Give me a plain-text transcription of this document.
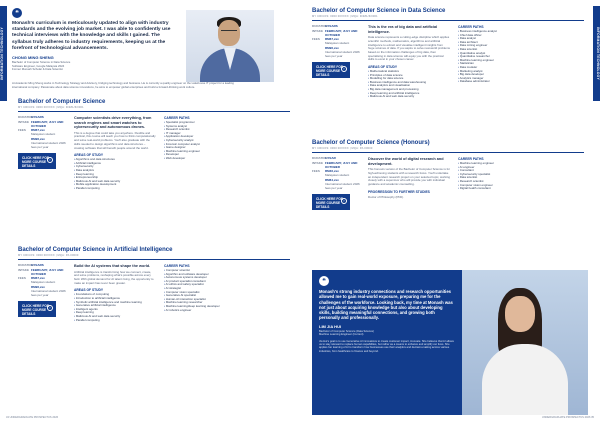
INFORMATION TECHNOLOGY
❝
Monash's curriculum is meticulously updated to align with industry standards and the evolving job market. I was able to confidently use technical interviews with the knowledge and skills I gained. The syllabus truly adheres to industry requirements, keeping us at the forefront of technological advancements.
CHONG MING SHENG
Bachelor of Computer Science in Data Science
Software Engineer, Google Malaysia 2024
Former Monash Scholar & Data Scientist
At Academic Ming Sheng works in Technology Strategy and Advisory, bridging technology and business. He is currently a quality engineer on the Lakehouse IT project for a leading international company. Passionate about data science innovations, he aims to empower global enterprises and build a forward-thinking work culture.
Bachelor of Computer Science
MY CRICOS: 0000 00XXXX | MQA: R/481/6/0001
DURATION
3 YEARS
INTAKE FEBRUARY, JULY AND OCTOBER
FEES	RM67,xxx
Malaysian student
RM96,xxx
International student 2026 fees per year
CLICK HERE FOR MORE COURSE DETAILS
›
Computer scientists drive everything, from search engines and smart watches to cybersecurity and autonomous drones.
This is a degree that could take you anywhere. Flexible and practical, this course will teach you how to think computationally and solve real-world problems. You'll also graduate with the skills needed to design algorithms and data structures – creating software that will benefit people around the world.
AREAS OF STUDY
• Algorithms and data structures
• Artificial intelligence
• Cybersecurity
• Data analytics
• Deep learning
• Entrepreneurship
• Malicious AI and web data security
• Mobile application development
• Parallel computing
CAREER PATHS
• Specialist programmer
• Systems analyst
• Research scientist
• IT manager
• Application developer
• Cybersecurity analyst
• Forensic computer analyst
• Game designer
• Machine learning engineer
• Developer
• Web developer
Bachelor of Computer Science in Artificial Intelligence
MY CRICOS: 0000 00XXXX | MQA: PA 00000
DURATION
3 YEARS
INTAKE FEBRUARY, JULY AND OCTOBER
FEES	RM67,xxx
Malaysian student
RM96,xxx
International student 2026 fees per year
CLICK HERE FOR MORE COURSE DETAILS
›
Build the AI systems that shape the world.
Artificial intelligence is transforming how we connect, create, and solve problems, reshaping what's possible across every field. With global demand for AI talent rising, the opportunity to make an impact has never been greater.
AREAS OF STUDY
• Foundations of computing
• Introduction to artificial intelligence
• Symbolic artificial intelligence and machine learning
• Generative artificial intelligence
• Intelligent agents
• Deep learning
• Malicious AI and web data security
• Parallel computing
CAREER PATHS
• Computer scientist
• Algorithm and software developer
• Autonomous systems developer
• AI product specialist consultant
• AI ethics and safety specialist
• AI strategist
• Computer vision specialist
• Generative AI specialist
• Human-AI interaction specialist
• Machine learning researcher
• Machine learning/deep learning developer
• AI robotics engineer
34 UNDERGRADUATE PROSPECTUS 2026
INFORMATION TECHNOLOGY
Bachelor of Computer Science in Data Science
MY CRICOS: 0000 00XXXX | MQA: R/481/6/0001
DURATION
3 YEARS
INTAKE FEBRUARY, JULY AND OCTOBER
FEES	RM67,xxx
Malaysian student
RM96,xxx
International student 2026 fees per year
CLICK HERE FOR MORE COURSE DETAILS
›
This is the era of big data and artificial intelligence.
Data science represents a cutting-edge discipline which applies scientific methods, mathematics, algorithms and artificial intelligence to extract and visualise intelligent insights from huge volumes of data. If you aspire to solve real-world problems based on the information challenges of big data, then specialising in data science will equip you with the practical skills to excel in your chosen career.
AREAS OF STUDY
• Mathematical statistics
• Principles of data science
• Modelling for data science
• Business intelligence and data warehousing
• Data analytics and visualisation
• Big data management and processing
• Deep learning and artificial intelligence
• Malicious AI and web data security
CAREER PATHS
• Business intelligence analyst
• Chief data officer
• Data analyst
• Data architect
• Data mining engineer
• Data scientist
• Quantitative analyst
• Quantitative researcher
• Machine learning engineer
• Statistician
• Data modeler
• Marketing analyst
• Big data developer
• Analytics manager
• Database administrator
Bachelor of Computer Science (Honours)
MY CRICOS: 0000 00XXXX | MQA: PA 00000
DURATION
1 YEAR
INTAKE FEBRUARY, JULY AND OCTOBER
FEES	RM46,xxx
Malaysian student
RM64,xxx
International student 2026 fees per year
CLICK HERE FOR MORE COURSE DETAILS
›
Discover the world of digital research and development.
This honours version of the Bachelor of Computer Science is for high-achieving students with a research focus. You'll undertake an independent research project on your selected topic, working closely with a supervisor who will provide you with individual guidance and academic counselling.
PROGRESSION TO FURTHER STUDIES
Doctor of Philosophy (PhD).
CAREER PATHS
• Machine learning engineer
• AI engineer
• Consultant
• Cybersecurity specialist
• Data scientist
• Research scientist
• Computer vision engineer
• Digital health consultant
UNDERGRADUATE PROSPECTUS 2026 35
❝
Monash's strong industry connections and research opportunities allowed me to gain real-world exposure, preparing me for the challenges of the workforce. Looking back, my time at Monash was not just about acquiring knowledge but also about developing skills, building meaningful connections, and growing both personally and professionally.
LIM JIA HUI
Bachelor of Computer Science (Data Science)
Machine Learning Engineer (Current)
Jia Hui's goal is to use Generative AI innovations to create customer impact, innovate. She believes that AI allows us to stay relevant to replace human capabilities, but rather as a means to enhance and amplify our lives. She applies her learning of AI to transform how businesses use their analytics and decision-making across various industries, from healthcare to finance and beyond.
